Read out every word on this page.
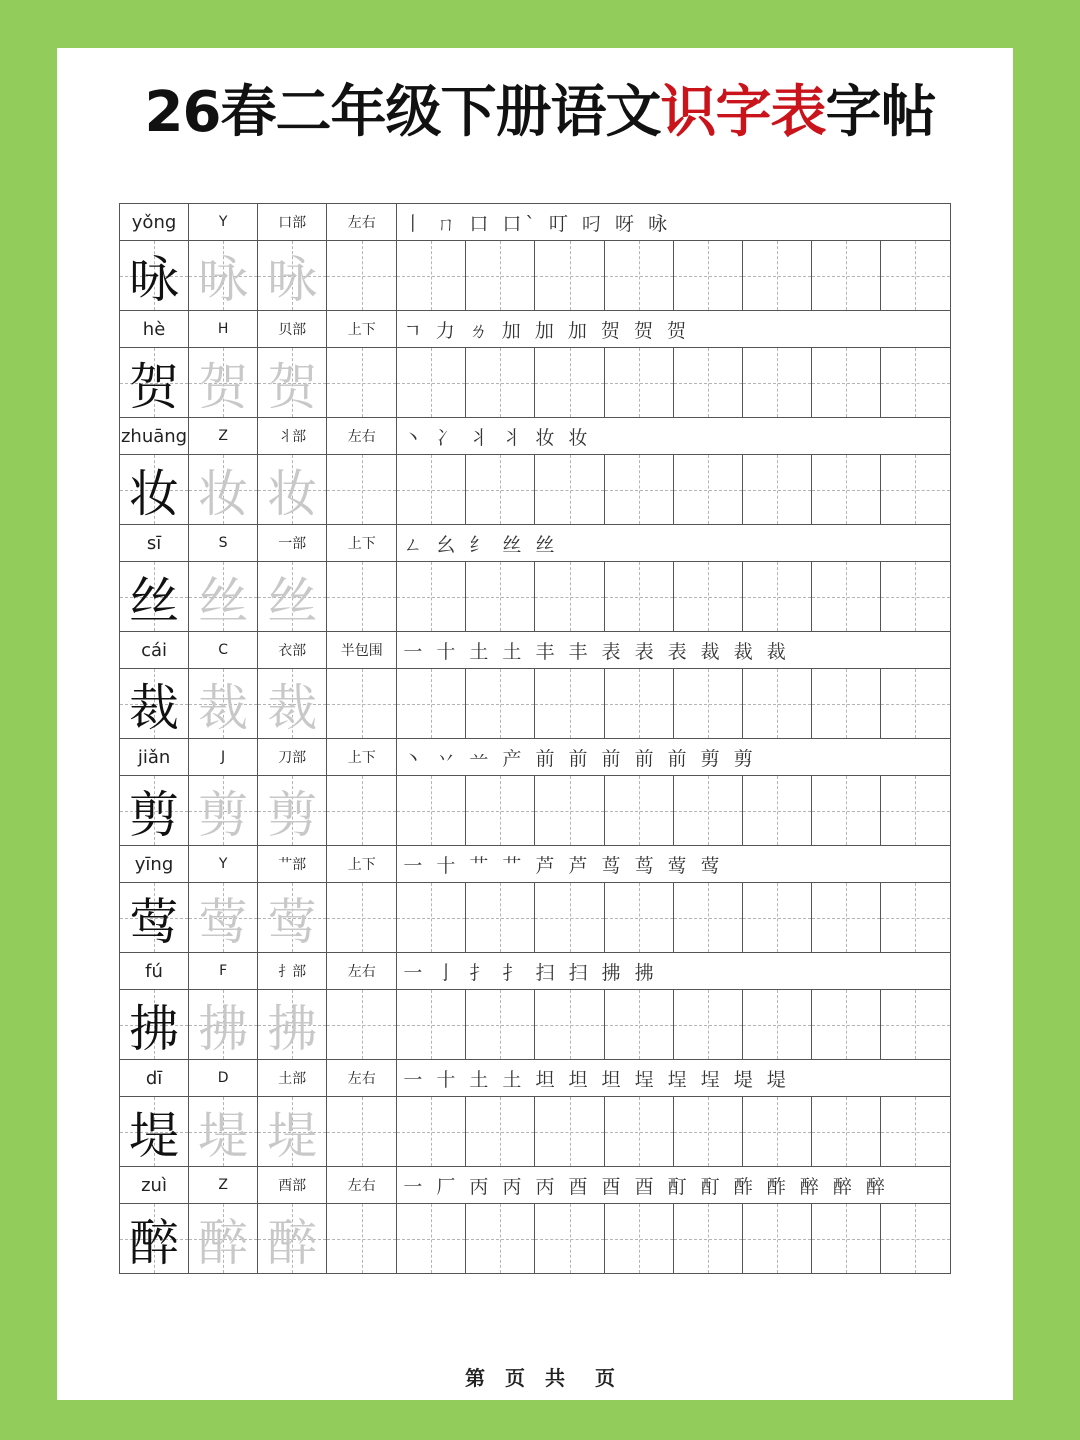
26春二年级下册语文识字表字帖
yǒng	Y	口部	左右	丨 ㄇ 口 口` 叮 叼 呀 咏							

咏	咏	咏									

hè	H	贝部	上下	ㄱ 力 ㄌ 加 加 加 贺 贺 贺							

贺	贺	贺									

zhuāng	Z	丬部	左右	丶 冫 丬 ⺦ 妆 妆							

妆	妆	妆									

sī	S	一部	上下	ㄥ 幺 纟 丝 丝							

丝	丝	丝									

cái	C	衣部	半包围	一 十 土 土 丰 丰 表 表 表 裁 裁 裁							

裁	裁	裁									

jiǎn	J	刀部	上下	丶 丷 䒑 产 前 前 前 前 前 剪 剪							

剪	剪	剪									

yīng	Y	艹部	上下	一 十 艹 艹 芦 芦 茑 茑 莺 莺							

莺	莺	莺									

fú	F	扌部	左右	一 亅 扌 扌 扫 扫 拂 拂							

拂	拂	拂									

dī	D	土部	左右	一 十 土 土 坦 坦 坦 埕 埕 埕 堤 堤							

堤	堤	堤									

zuì	Z	酉部	左右	一 厂 丙 丙 丙 酉 酉 酉 酊 酊 酢 酢 醉 醉 醉							

醉	醉	醉									

第 页 共 页
